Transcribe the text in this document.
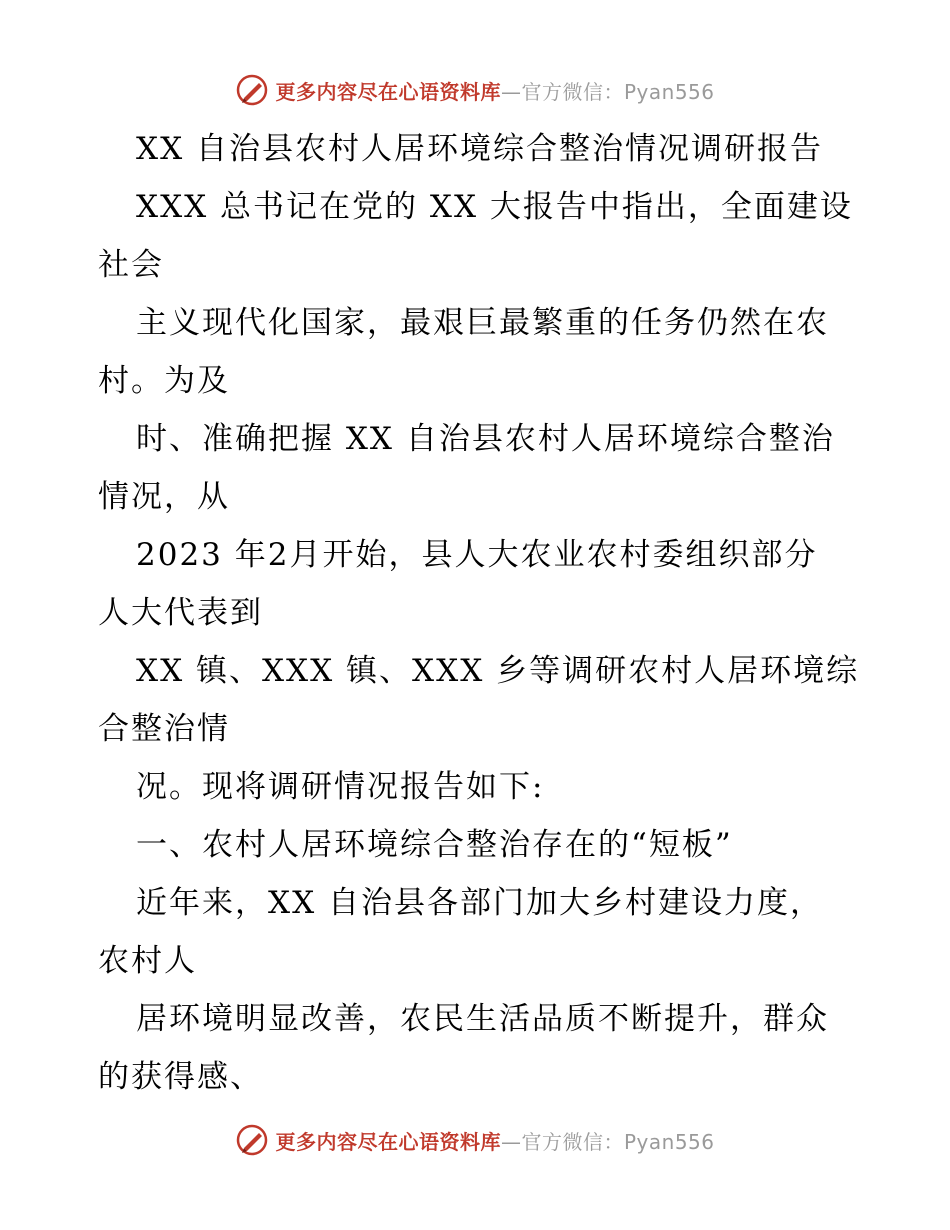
更多内容尽在心语资料库—官方微信：Pyan556
XX 自治县农村人居环境综合整治情况调研报告
XXX 总书记在党的 XX 大报告中指出，全面建设
社会
主义现代化国家，最艰巨最繁重的任务仍然在农
村。为及
时、准确把握 XX 自治县农村人居环境综合整治
情况，从
2023 年2月开始，县人大农业农村委组织部分
人大代表到
XX 镇、XXX 镇、XXX 乡等调研农村人居环境综
合整治情
况。现将调研情况报告如下:
一、农村人居环境综合整治存在的“短板”
近年来，XX 自治县各部门加大乡村建设力度，
农村人
居环境明显改善，农民生活品质不断提升，群众
的获得感、
更多内容尽在心语资料库—官方微信：Pyan556
